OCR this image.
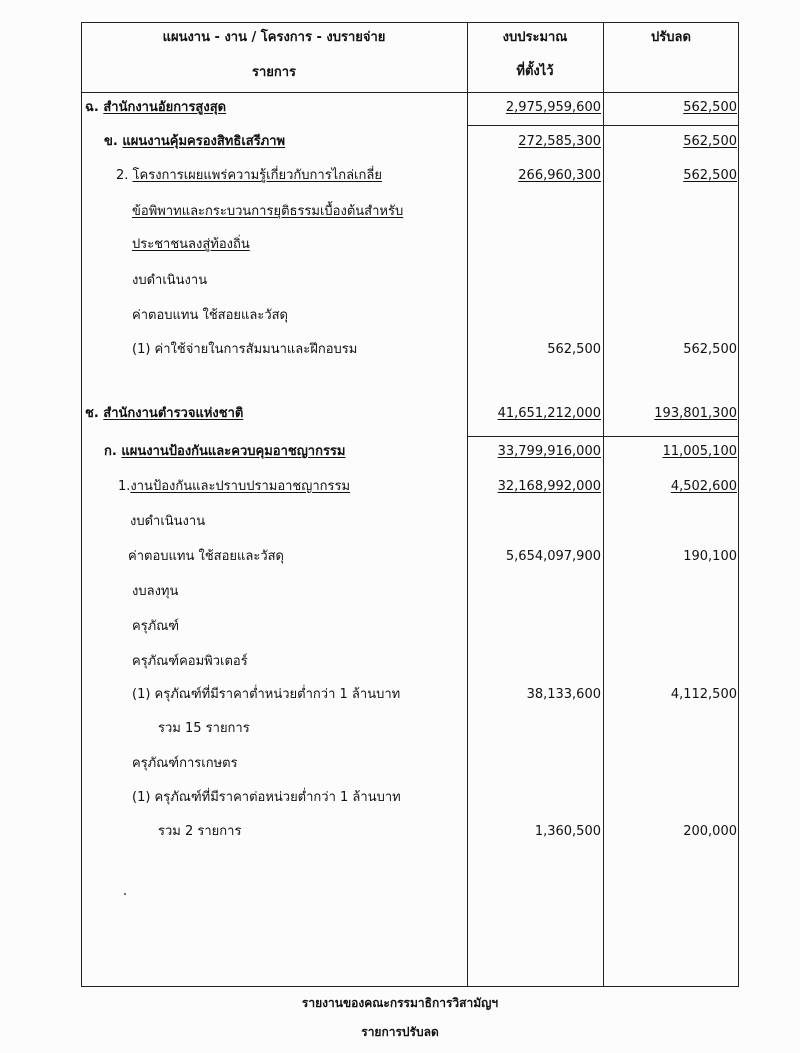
แผนงาน - งาน / โครงการ - งบรายจ่าย
รายการ
งบประมาณ
ที่ตั้งไว้
ปรับลด
ฉ. สำนักงานอัยการสูงสุด	2,975,959,600	562,500
ข. แผนงานคุ้มครองสิทธิเสรีภาพ	272,585,300	562,500
2. โครงการเผยแพร่ความรู้เกี่ยวกับการไกล่เกลี่ย	266,960,300	562,500
ข้อพิพาทและกระบวนการยุติธรรมเบื้องต้นสำหรับ
ประชาชนลงสู่ท้องถิ่น
งบดำเนินงาน
ค่าตอบแทน ใช้สอยและวัสดุ
(1) ค่าใช้จ่ายในการสัมมนาและฝึกอบรม	562,500	562,500
ช. สำนักงานตำรวจแห่งชาติ	41,651,212,000	193,801,300
ก. แผนงานป้องกันและควบคุมอาชญากรรม	33,799,916,000	11,005,100
1.งานป้องกันและปราบปรามอาชญากรรม	32,168,992,000	4,502,600
งบดำเนินงาน
ค่าตอบแทน ใช้สอยและวัสดุ	5,654,097,900	190,100
งบลงทุน
ครุภัณฑ์
ครุภัณฑ์คอมพิวเตอร์
(1) ครุภัณฑ์ที่มีราคาต่ำหน่วยต่ำกว่า 1 ล้านบาท	38,133,600	4,112,500
รวม 15 รายการ
ครุภัณฑ์การเกษตร
(1) ครุภัณฑ์ที่มีราคาต่อหน่วยต่ำกว่า 1 ล้านบาท
รวม 2 รายการ	1,360,500	200,000
รายงานของคณะกรรมาธิการวิสามัญฯ
รายการปรับลด
